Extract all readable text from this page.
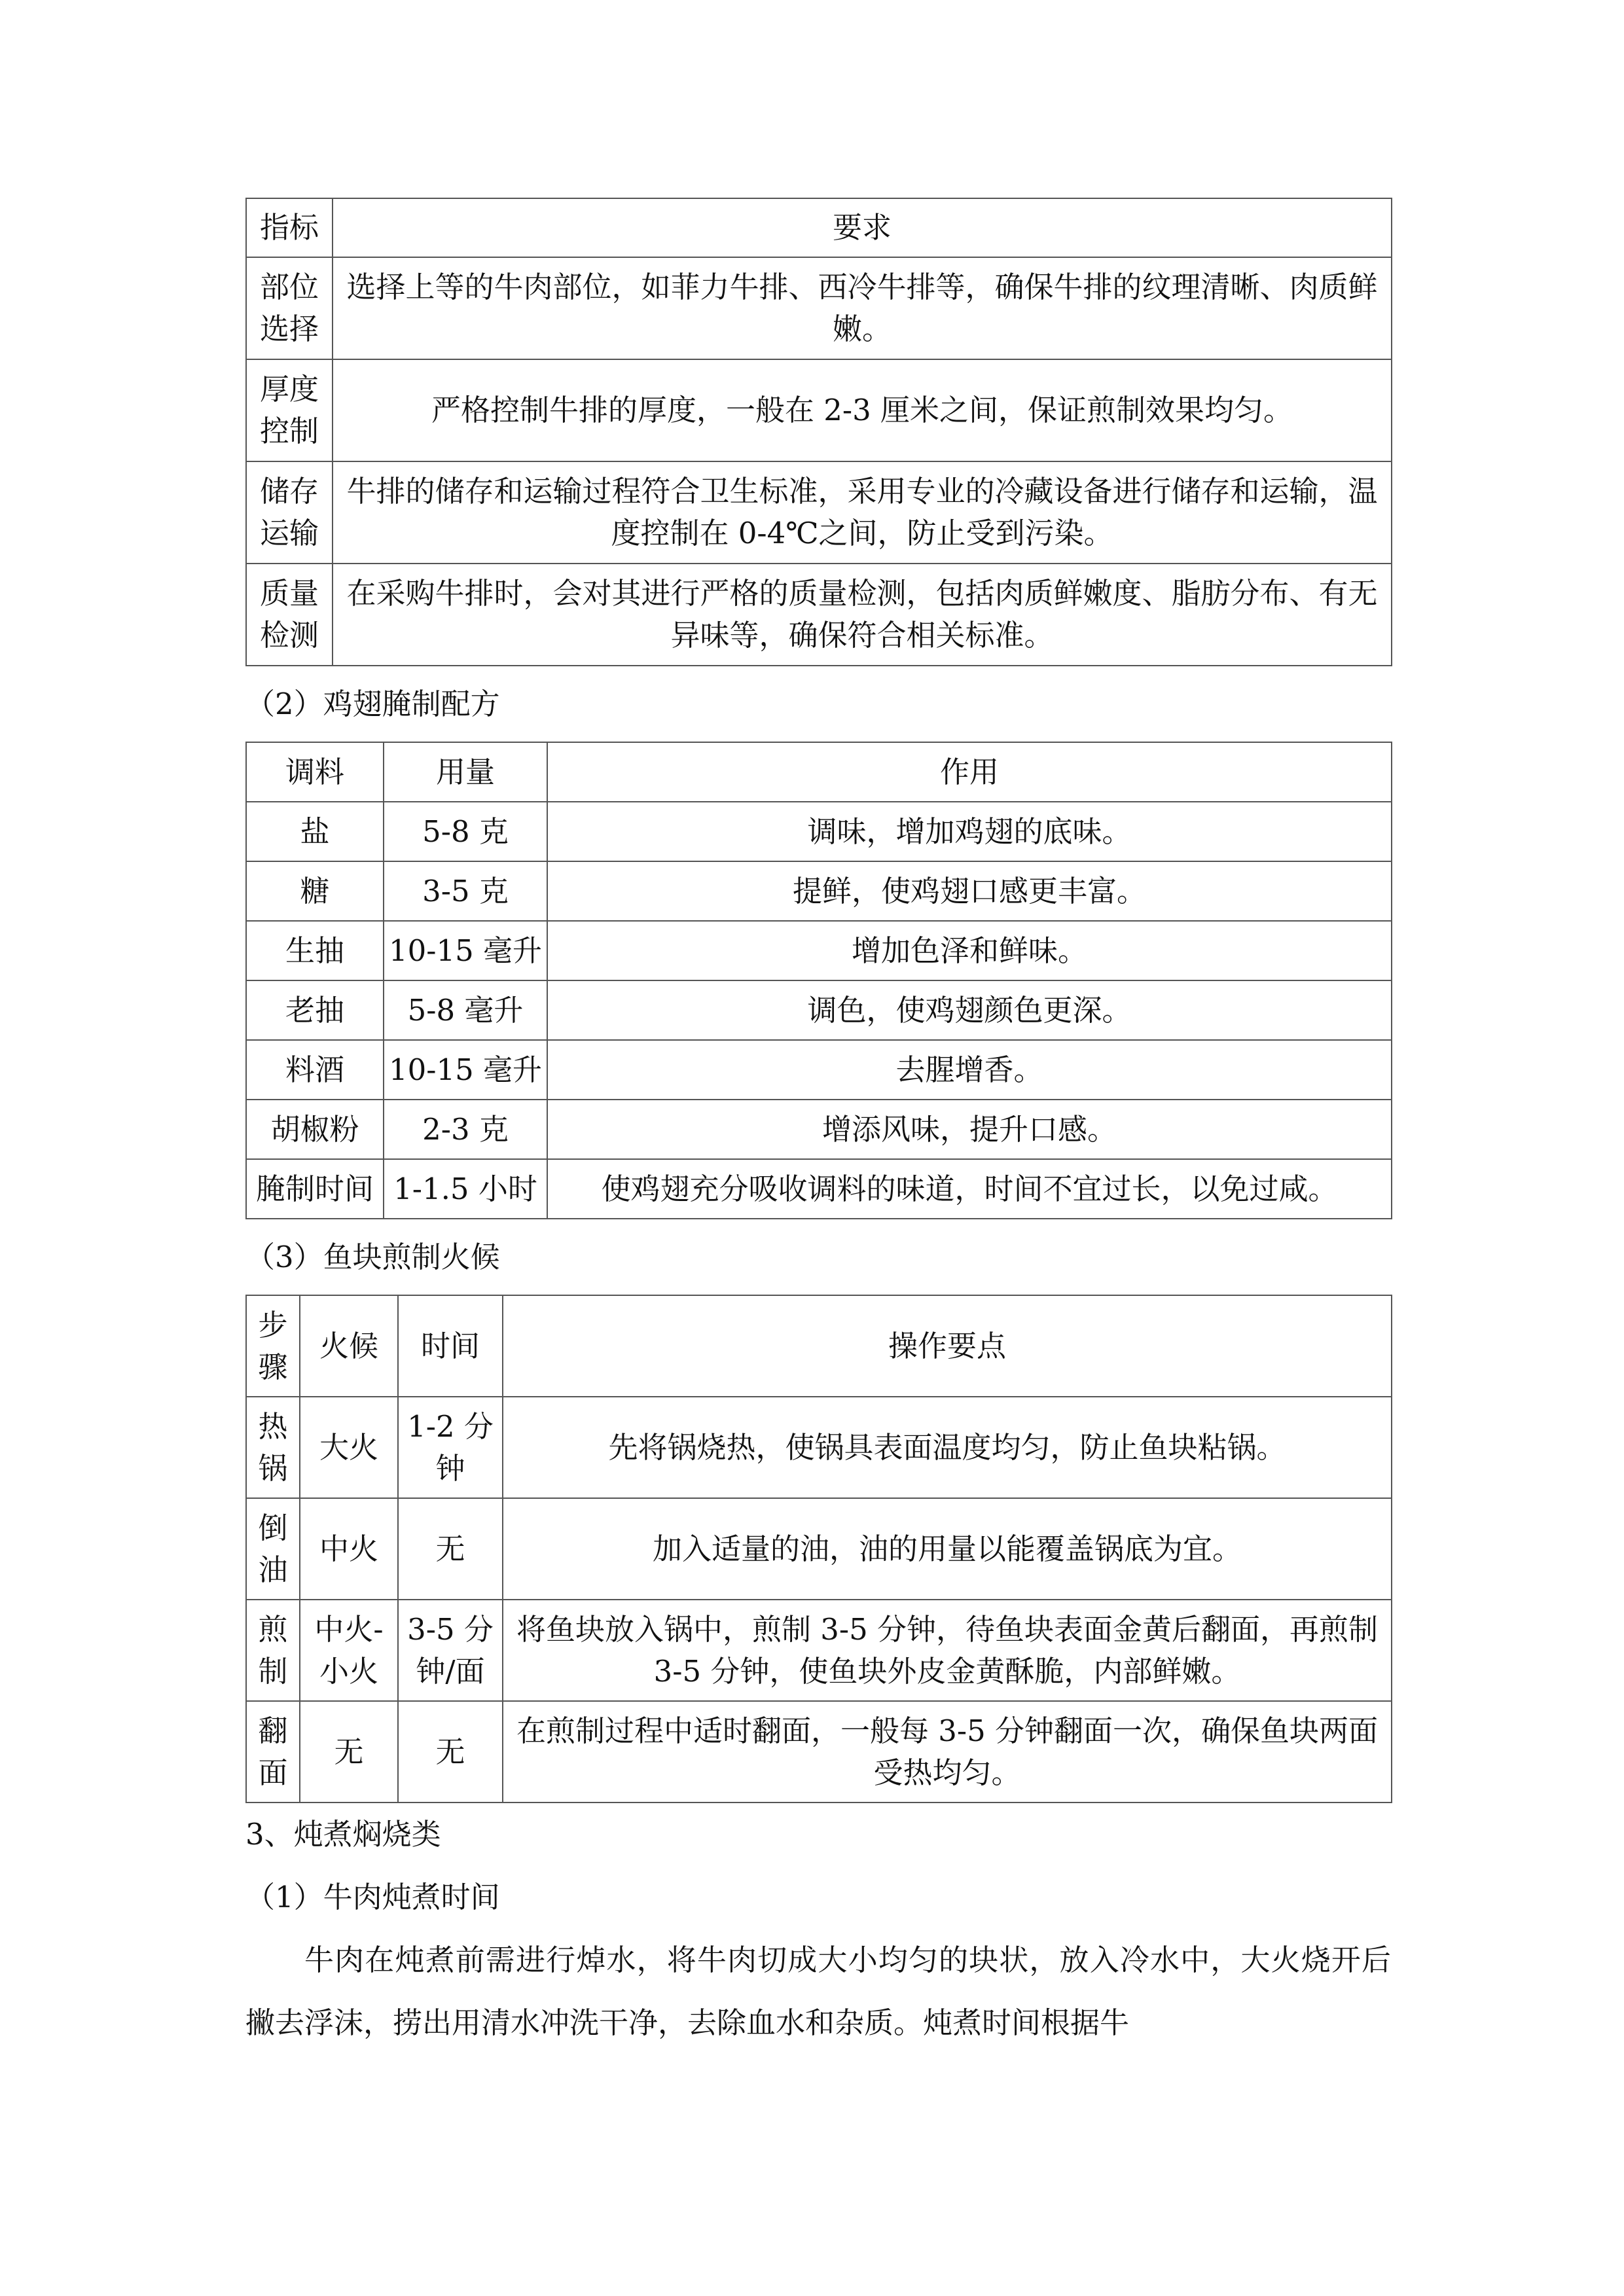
指标	要求
部位选择	选择上等的牛肉部位，如菲力牛排、西冷牛排等，确保牛排的纹理清晰、肉质鲜嫩。
厚度控制	严格控制牛排的厚度，一般在 2-3 厘米之间，保证煎制效果均匀。
储存运输	牛排的储存和运输过程符合卫生标准，采用专业的冷藏设备进行储存和运输，温度控制在 0-4℃之间，防止受到污染。
质量检测	在采购牛排时，会对其进行严格的质量检测，包括肉质鲜嫩度、脂肪分布、有无异味等，确保符合相关标准。
（2）鸡翅腌制配方
调料	用量	作用
盐	5-8 克	调味，增加鸡翅的底味。
糖	3-5 克	提鲜，使鸡翅口感更丰富。
生抽	10-15 毫升	增加色泽和鲜味。
老抽	5-8 毫升	调色，使鸡翅颜色更深。
料酒	10-15 毫升	去腥增香。
胡椒粉	2-3 克	增添风味，提升口感。
腌制时间	1-1.5 小时	使鸡翅充分吸收调料的味道，时间不宜过长，以免过咸。
（3）鱼块煎制火候
步骤	火候	时间	操作要点
热锅	大火	1-2 分钟	先将锅烧热，使锅具表面温度均匀，防止鱼块粘锅。
倒油	中火	无	加入适量的油，油的用量以能覆盖锅底为宜。
煎制	中火-小火	3-5 分钟/面	将鱼块放入锅中，煎制 3-5 分钟，待鱼块表面金黄后翻面，再煎制 3-5 分钟，使鱼块外皮金黄酥脆，内部鲜嫩。
翻面	无	无	在煎制过程中适时翻面，一般每 3-5 分钟翻面一次，确保鱼块两面受热均匀。
3、炖煮焖烧类
（1）牛肉炖煮时间

牛肉在炖煮前需进行焯水，将牛肉切成大小均匀的块状，放入冷水中，大火烧开后撇去浮沫，捞出用清水冲洗干净，去除血水和杂质。炖煮时间根据牛
